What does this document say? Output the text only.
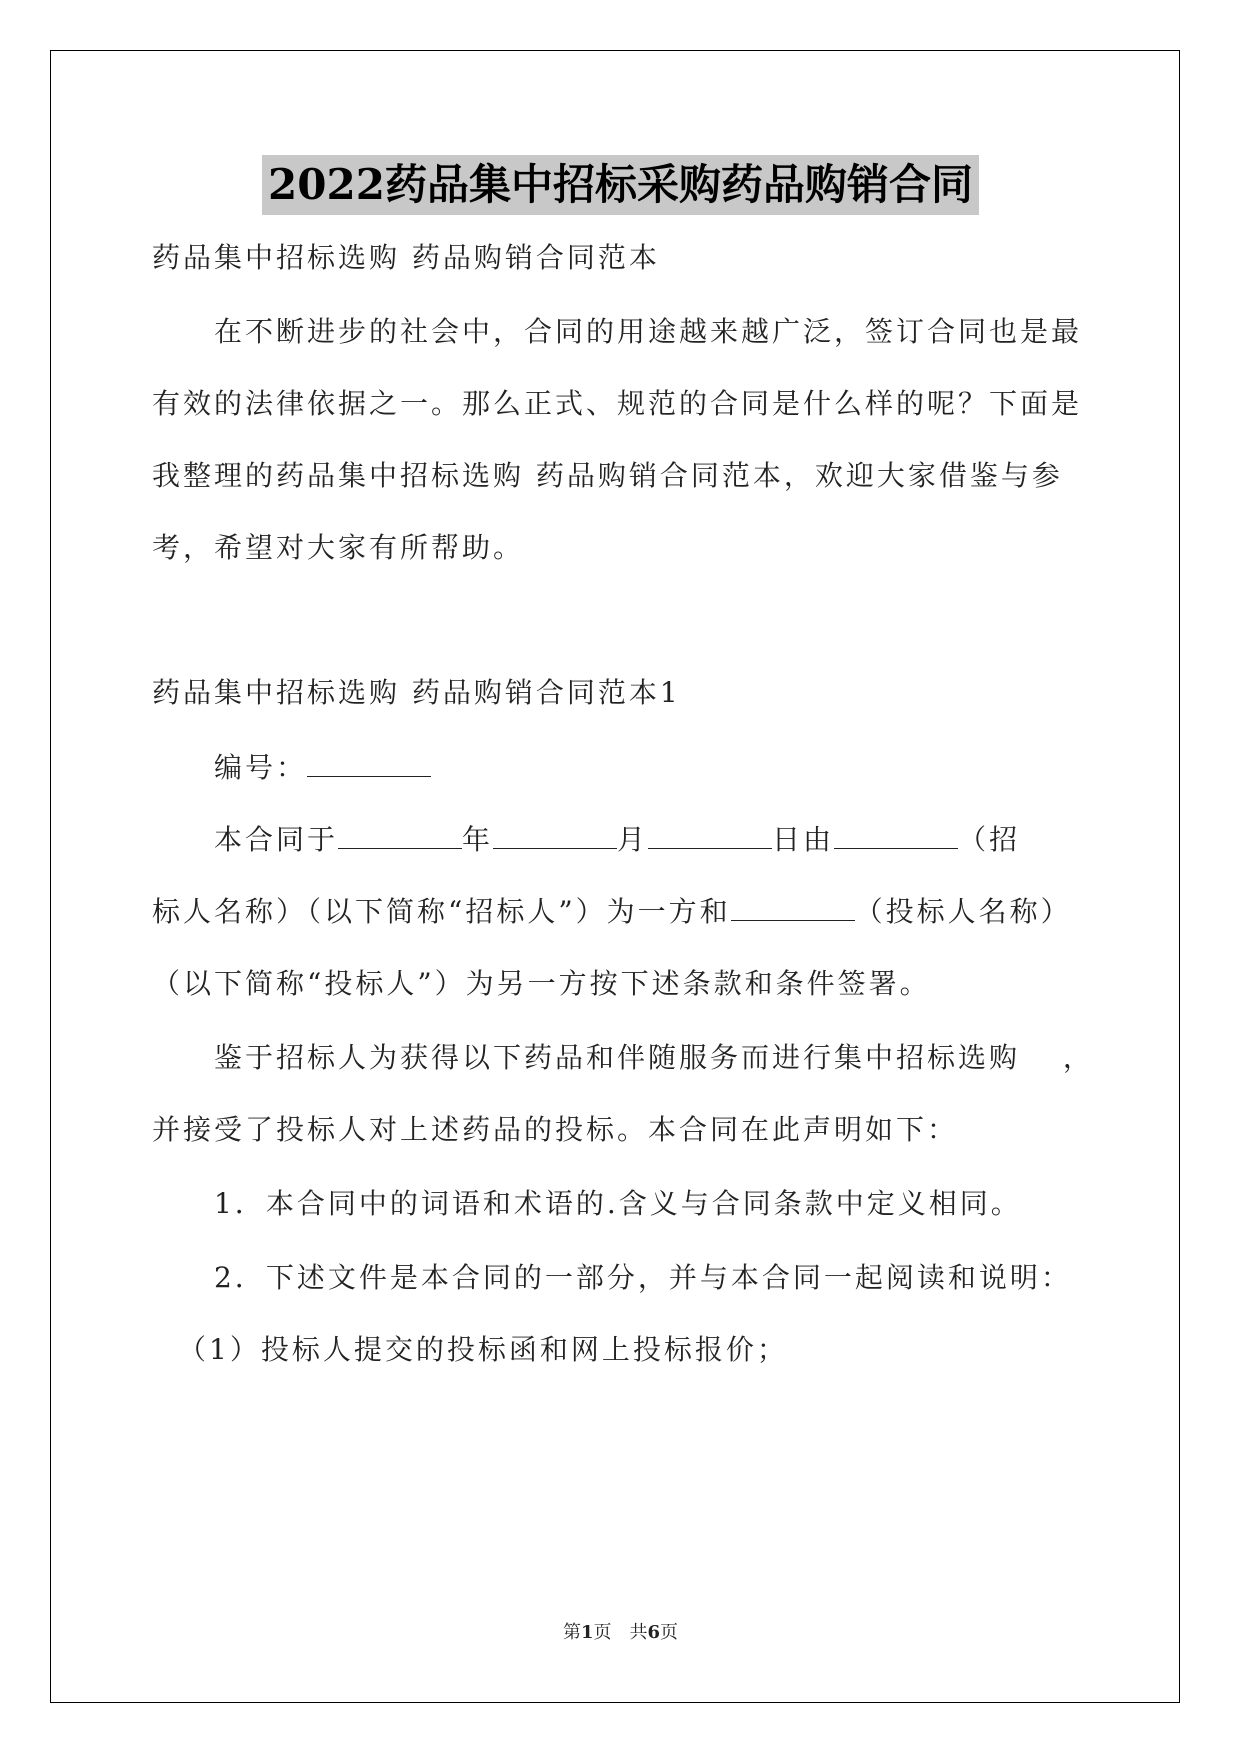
2022药品集中招标采购药品购销合同
药品集中招标选购 药品购销合同范本
在不断进步的社会中，合同的用途越来越广泛，签订合同也是最
有效的法律依据之一。那么正式、规范的合同是什么样的呢？下面是
我整理的药品集中招标选购 药品购销合同范本，欢迎大家借鉴与参
考，希望对大家有所帮助。
药品集中招标选购 药品购销合同范本1
编号：
本合同于	年	月	日由	（招
标人名称）（以下简称“招标人”）为一方和	（投标人名称）
（以下简称“投标人”）为另一方按下述条款和条件签署。
鉴于招标人为获得以下药品和伴随服务而进行集中招标选购　 ，
并接受了投标人对上述药品的投标。本合同在此声明如下：
1．本合同中的词语和术语的.含义与合同条款中定义相同。
2．下述文件是本合同的一部分，并与本合同一起阅读和说明：
（1）投标人提交的投标函和网上投标报价；
第1页　共6页
